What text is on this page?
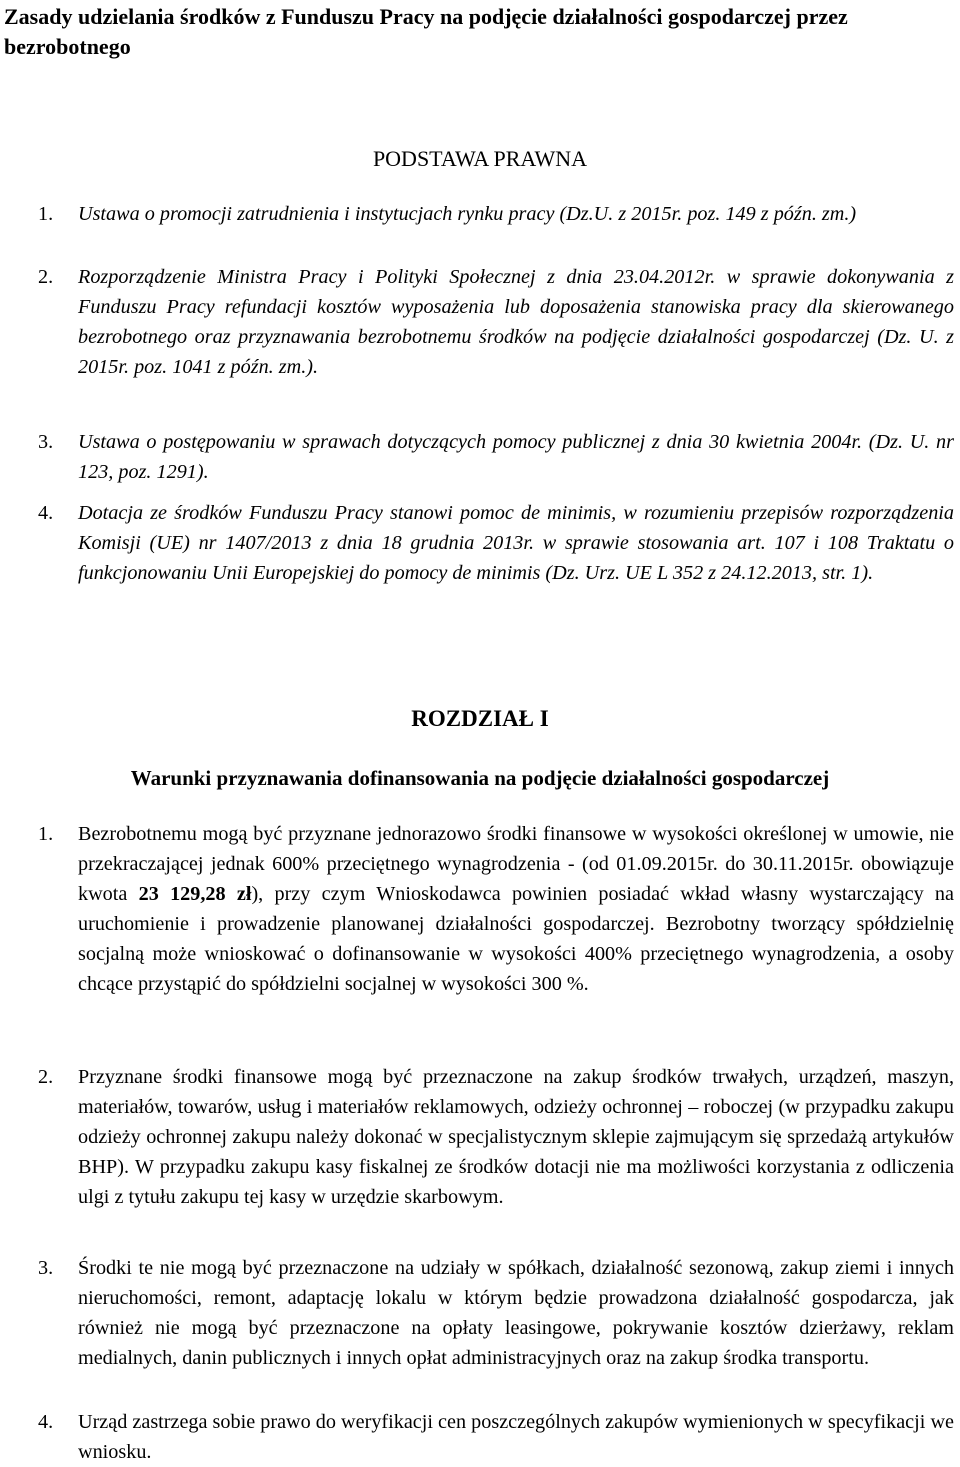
Zasady udzielania środków z Funduszu Pracy na podjęcie działalności gospodarczej przez bezrobotnego
PODSTAWA PRAWNA
1. Ustawa o promocji zatrudnienia i instytucjach rynku pracy (Dz.U. z 2015r. poz. 149 z późn. zm.)
2. Rozporządzenie Ministra Pracy i Polityki Społecznej z dnia 23.04.2012r. w sprawie dokonywania z Funduszu Pracy refundacji kosztów wyposażenia lub doposażenia stanowiska pracy dla skierowanego bezrobotnego oraz przyznawania bezrobotnemu środków na podjęcie działalności gospodarczej (Dz. U. z 2015r. poz. 1041 z późn. zm.).
3. Ustawa o postępowaniu w sprawach dotyczących pomocy publicznej z dnia 30 kwietnia 2004r. (Dz. U. nr 123, poz. 1291).
4. Dotacja ze środków Funduszu Pracy stanowi pomoc de minimis, w rozumieniu przepisów rozporządzenia Komisji (UE) nr 1407/2013 z dnia 18 grudnia 2013r. w sprawie stosowania art. 107 i 108 Traktatu o funkcjonowaniu Unii Europejskiej do pomocy de minimis (Dz. Urz. UE L 352 z 24.12.2013, str. 1).
ROZDZIAŁ I
Warunki przyznawania dofinansowania na podjęcie działalności gospodarczej
1. Bezrobotnemu mogą być przyznane jednorazowo środki finansowe w wysokości określonej w umowie, nie przekraczającej jednak 600% przeciętnego wynagrodzenia - (od 01.09.2015r. do 30.11.2015r. obowiązuje kwota 23 129,28 zł), przy czym Wnioskodawca powinien posiadać wkład własny wystarczający na uruchomienie i prowadzenie planowanej działalności gospodarczej. Bezrobotny tworzący spółdzielnię socjalną może wnioskować o dofinansowanie w wysokości 400% przeciętnego wynagrodzenia, a osoby chcące przystąpić do spółdzielni socjalnej w wysokości 300 %.
2. Przyznane środki finansowe mogą być przeznaczone na zakup środków trwałych, urządzeń, maszyn, materiałów, towarów, usług i materiałów reklamowych, odzieży ochronnej – roboczej (w przypadku zakupu odzieży ochronnej zakupu należy dokonać w specjalistycznym sklepie zajmującym się sprzedażą artykułów BHP). W przypadku zakupu kasy fiskalnej ze środków dotacji nie ma możliwości korzystania z odliczenia ulgi z tytułu zakupu tej kasy w urzędzie skarbowym.
3. Środki te nie mogą być przeznaczone na udziały w spółkach, działalność sezonową, zakup ziemi i innych nieruchomości, remont, adaptację lokalu w którym będzie prowadzona działalność gospodarcza, jak również nie mogą być przeznaczone na opłaty leasingowe, pokrywanie kosztów dzierżawy, reklam medialnych, danin publicznych i innych opłat administracyjnych oraz na zakup środka transportu.
4. Urząd zastrzega sobie prawo do weryfikacji cen poszczególnych zakupów wymienionych w specyfikacji we wniosku.
